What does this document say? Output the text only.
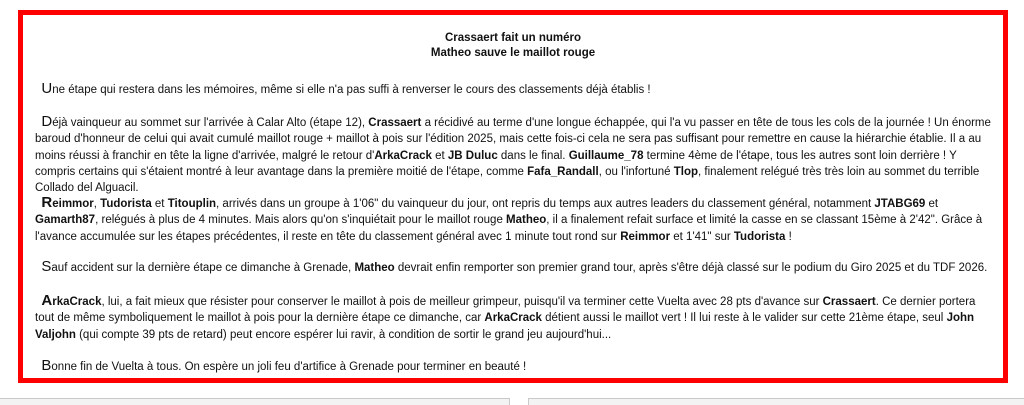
Crassaert fait un numéro
Matheo sauve le maillot rouge

Une étape qui restera dans les mémoires, même si elle n'a pas suffi à renverser le cours des classements déjà établis !

Déjà vainqueur au sommet sur l'arrivée à Calar Alto (étape 12), Crassaert a récidivé au terme d'une longue échappée, qui l'a vu passer en tête de tous les cols de la journée ! Un énorme baroud d'honneur de celui qui avait cumulé maillot rouge + maillot à pois sur l'édition 2025, mais cette fois-ci cela ne sera pas suffisant pour remettre en cause la hiérarchie établie. Il a au moins réussi à franchir en tête la ligne d'arrivée, malgré le retour d'ArkaCrack et JB Duluc dans le final. Guillaume_78 termine 4ème de l'étape, tous les autres sont loin derrière ! Y compris certains qui s'étaient montré à leur avantage dans la première moitié de l'étape, comme Fafa_Randall, ou l'infortuné Tlop, finalement relégué très très loin au sommet du terrible Collado del Alguacil.

Reimmor, Tudorista et Titouplin, arrivés dans un groupe à 1'06" du vainqueur du jour, ont repris du temps aux autres leaders du classement général, notamment JTABG69 et Gamarth87, relégués à plus de 4 minutes. Mais alors qu'on s'inquiétait pour le maillot rouge Matheo, il a finalement refait surface et limité la casse en se classant 15ème à 2'42". Grâce à l'avance accumulée sur les étapes précédentes, il reste en tête du classement général avec 1 minute tout rond sur Reimmor et 1'41" sur Tudorista !

Sauf accident sur la dernière étape ce dimanche à Grenade, Matheo devrait enfin remporter son premier grand tour, après s'être déjà classé sur le podium du Giro 2025 et du TDF 2026.

ArkaCrack, lui, a fait mieux que résister pour conserver le maillot à pois de meilleur grimpeur, puisqu'il va terminer cette Vuelta avec 28 pts d'avance sur Crassaert. Ce dernier portera tout de même symboliquement le maillot à pois pour la dernière étape ce dimanche, car ArkaCrack détient aussi le maillot vert ! Il lui reste à le valider sur cette 21ème étape, seul John Valjohn (qui compte 39 pts de retard) peut encore espérer lui ravir, à condition de sortir le grand jeu aujourd'hui...

Bonne fin de Vuelta à tous. On espère un joli feu d'artifice à Grenade pour terminer en beauté !
